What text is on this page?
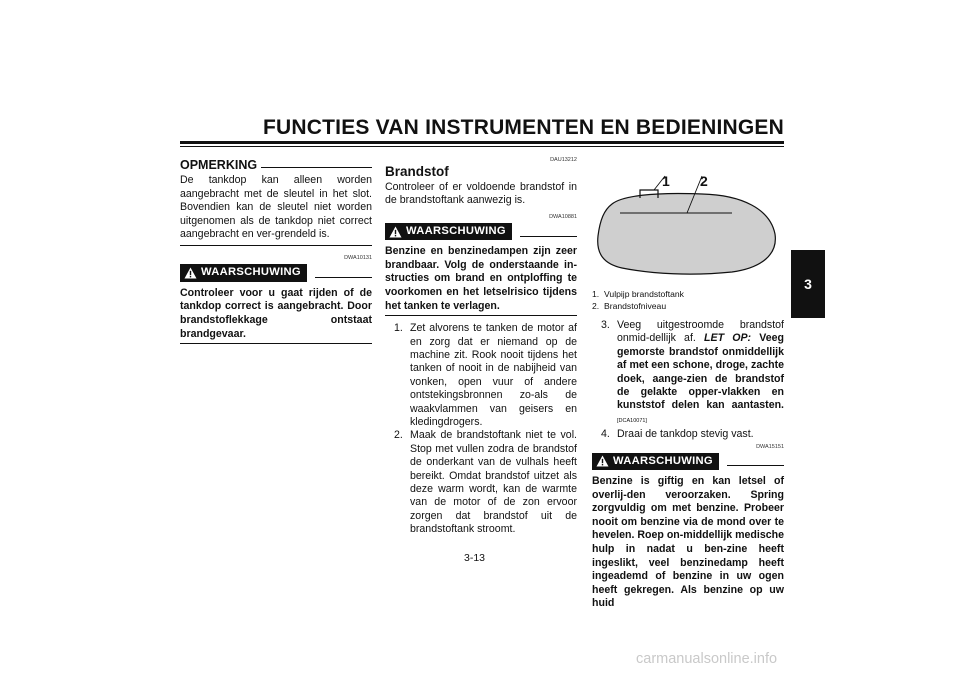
FUNCTIES VAN INSTRUMENTEN EN BEDIENINGEN
3
OPMERKING
De tankdop kan alleen worden aangebracht met de sleutel in het slot. Bovendien kan de sleutel niet worden uitgenomen als de tankdop niet correct aangebracht en ver-grendeld is.
DWA10131
WAARSCHUWING
Controleer voor u gaat rijden of de tankdop correct is aangebracht. Door brandstoflekkage ontstaat brandgevaar.
DAU13212
Brandstof
Controleer of er voldoende brandstof in de brandstoftank aanwezig is.
DWA10881
WAARSCHUWING
Benzine en benzinedampen zijn zeer brandbaar. Volg de onderstaande in-structies om brand en ontploffing te voorkomen en het letselrisico tijdens het tanken te verlagen.
1. Zet alvorens te tanken de motor af en zorg dat er niemand op de machine zit. Rook nooit tijdens het tanken of nooit in de nabijheid van vonken, open vuur of andere ontstekingsbronnen zo-als de waakvlammen van geisers en kledingdrogers.
2. Maak de brandstoftank niet te vol. Stop met vullen zodra de brandstof de onderkant van de vulhals heeft bereikt. Omdat brandstof uitzet als deze warm wordt, kan de warmte van de motor of de zon ervoor zorgen dat brandstof uit de brandstoftank stroomt.
1 2
1. Vulpijp brandstoftank
2. Brandstofniveau
3. Veeg uitgestroomde brandstof onmid-dellijk af. LET OP: Veeg gemorste brandstof onmiddellijk af met een schone, droge, zachte doek, aange-zien de brandstof de gelakte opper-vlakken en kunststof delen kan aantasten. [DCA10071]
4. Draai de tankdop stevig vast.
DWA15151
WAARSCHUWING
Benzine is giftig en kan letsel of overlij-den veroorzaken. Spring zorgvuldig om met benzine. Probeer nooit om benzine via de mond over te hevelen. Roep on-middellijk medische hulp in nadat u ben-zine heeft ingeslikt, veel benzinedamp heeft ingeademd of benzine in uw ogen heeft gekregen. Als benzine op uw huid
3-13
carmanualsonline.info
